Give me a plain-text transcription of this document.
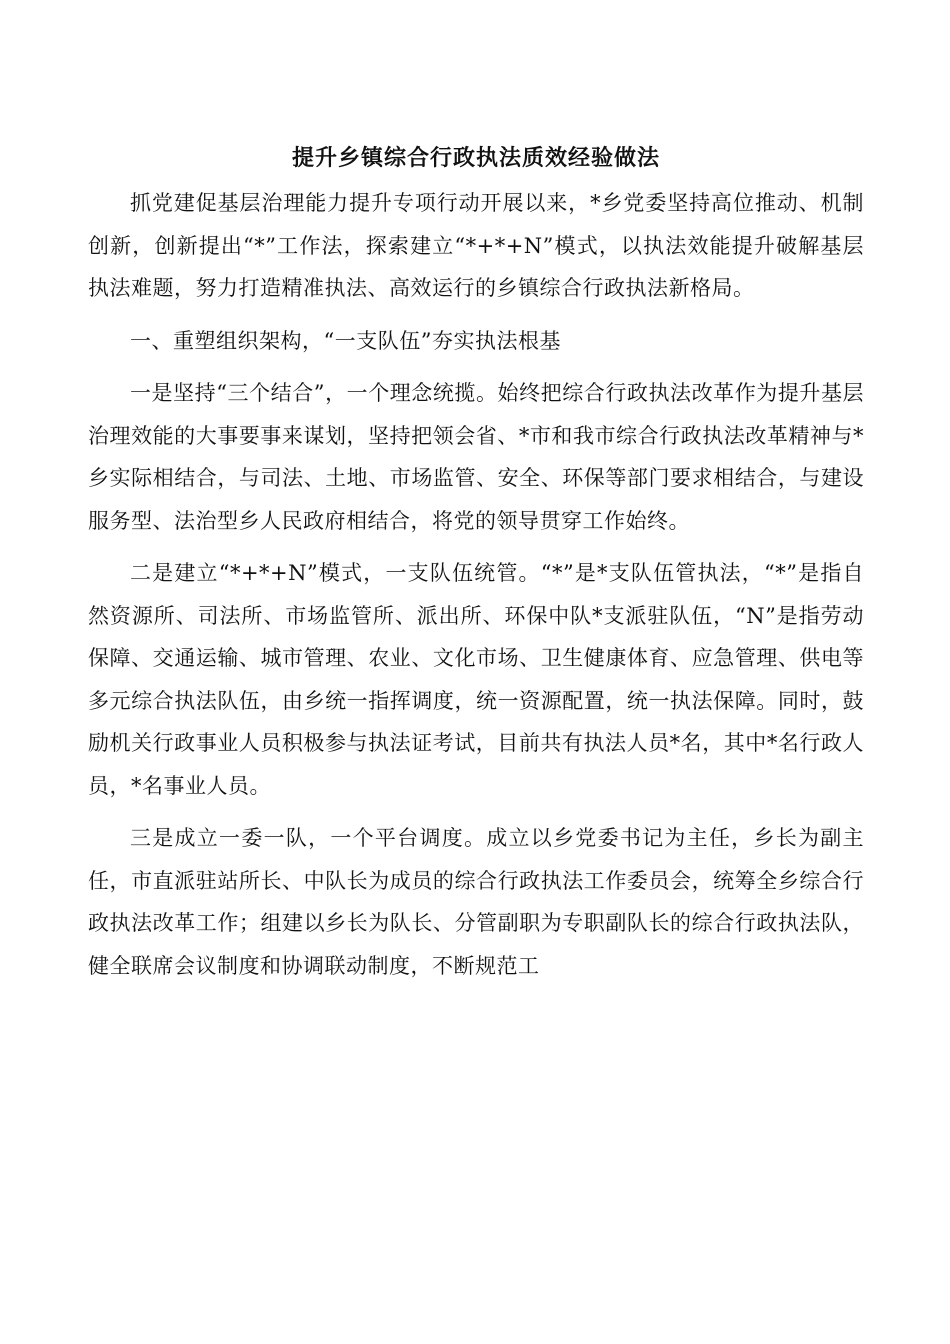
提升乡镇综合行政执法质效经验做法

抓党建促基层治理能力提升专项行动开展以来，*乡党委坚持高位推动、机制创新，创新提出“*”工作法，探索建立“*+*+N”模式，以执法效能提升破解基层执法难题，努力打造精准执法、高效运行的乡镇综合行政执法新格局。

一、重塑组织架构，“一支队伍”夯实执法根基

一是坚持“三个结合”，一个理念统揽。始终把综合行政执法改革作为提升基层治理效能的大事要事来谋划，坚持把领会省、*市和我市综合行政执法改革精神与*乡实际相结合，与司法、土地、市场监管、安全、环保等部门要求相结合，与建设服务型、法治型乡人民政府相结合，将党的领导贯穿工作始终。

二是建立“*+*+N”模式，一支队伍统管。“*”是*支队伍管执法，“*”是指自然资源所、司法所、市场监管所、派出所、环保中队*支派驻队伍，“N”是指劳动保障、交通运输、城市管理、农业、文化市场、卫生健康体育、应急管理、供电等多元综合执法队伍，由乡统一指挥调度，统一资源配置，统一执法保障。同时，鼓励机关行政事业人员积极参与执法证考试，目前共有执法人员*名，其中*名行政人员，*名事业人员。

三是成立一委一队，一个平台调度。成立以乡党委书记为主任，乡长为副主任，市直派驻站所长、中队长为成员的综合行政执法工作委员会，统筹全乡综合行政执法改革工作；组建以乡长为队长、分管副职为专职副队长的综合行政执法队，健全联席会议制度和协调联动制度，不断规范工
